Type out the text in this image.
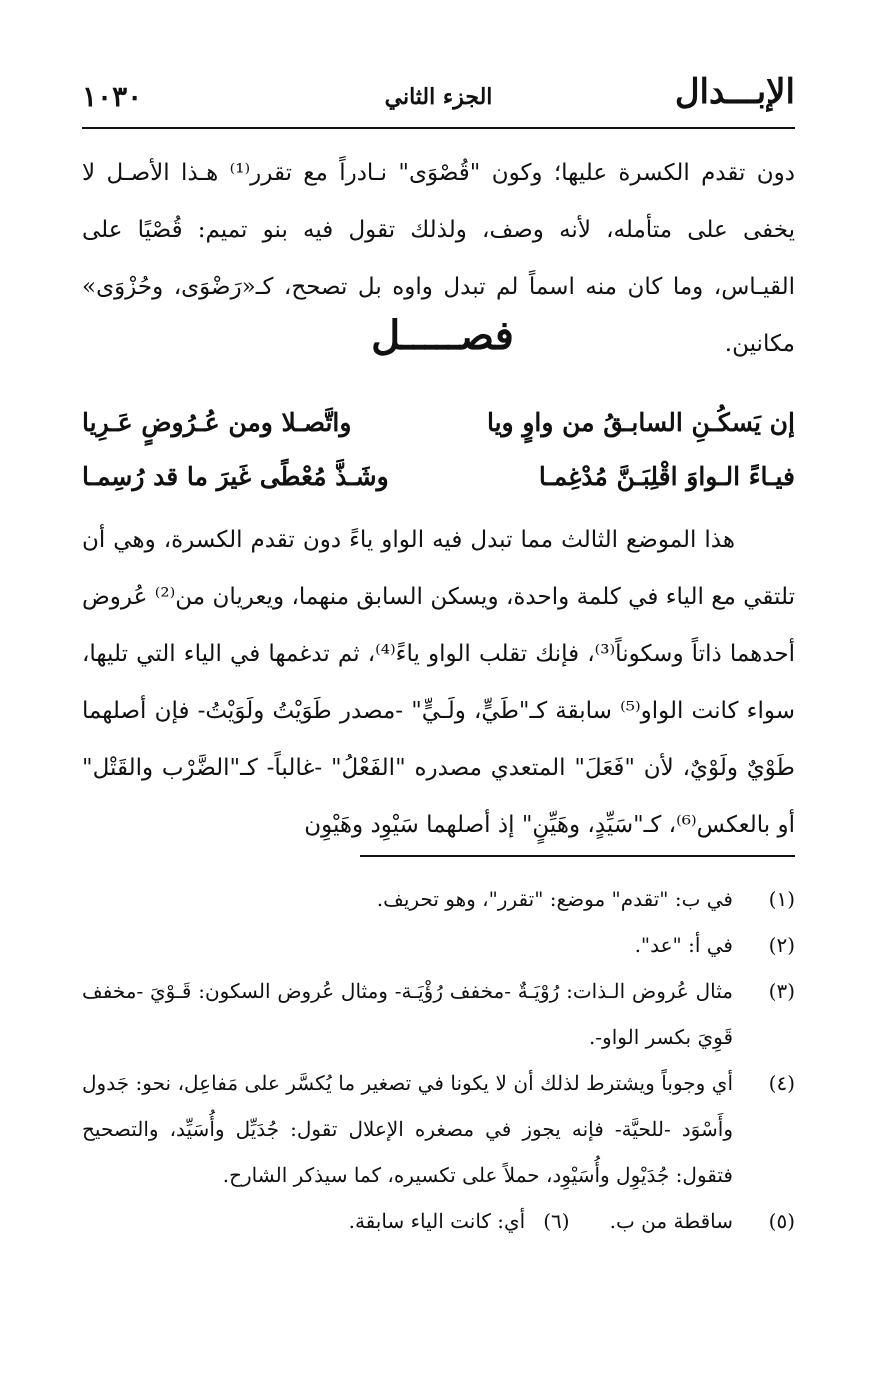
الإبـــدال
الجزء الثاني
١٠٣٠

دون تقدم الكسرة عليها؛ وكون "قُصْوَى" نـادراً مع تقرر⁽¹⁾ هـذا الأصـل لا يخفى على متأمله، لأنه وصف، ولذلك تقول فيه بنو تميم: قُصْيًا على القيـاس، وما كان منه اسماً لم تبدل واوه بل تصحح، كـ«رَضْوَى، وحُزْوَى» مكانين.

فصـــــل
إن يَسكُـنِ السابـقُ من واوٍ ويا
واتَّصـلا ومن عُـرُوضٍ عَـرِيا
فيـاءً الـواوَ اقْلِبَـنَّ مُدْغِمـا
وشَـذَّ مُعْطًى غَيرَ ما قد رُسِمـا

هذا الموضع الثالث مما تبدل فيه الواو ياءً دون تقدم الكسرة، وهي أن تلتقي مع الياء في كلمة واحدة، ويسكن السابق منهما، ويعريان من⁽²⁾ عُروض أحدهما ذاتاً وسكوناً⁽³⁾، فإنك تقلب الواو ياءً⁽⁴⁾، ثم تدغمها في الياء التي تليها، سواء كانت الواو⁽⁵⁾ سابقة كـ"طَيٍّ، ولَـيٍّ" -مصدر طَوَيْتُ ولَوَيْتُ- فإن أصلهما طَوْيٌ ولَوْيٌ، لأن "فَعَلَ" المتعدي مصدره "الفَعْلُ" -غالباً- كـ"الضَّرْب والقَتْل" أو بالعكس⁽⁶⁾، كـ"سَيِّدٍ، وهَيِّنٍ" إذ أصلهما سَيْوِد وهَيْوِن

(١)
في ب: "تقدم" موضع: "تقرر"، وهو تحريف.
(٢)
في أ: "عد".
(٣)
مثال عُروض الـذات: رُوْيَـةٌ -مخفف رُؤْيَـة- ومثال عُروض السكون: قَـوْيَ -مخفف قَوِيَ بكسر الواو-.
(٤)
أي وجوباً ويشترط لذلك أن لا يكونا في تصغير ما يُكسَّر على مَفاعِل، نحو: جَدول وأَسْوَد -للحيَّة- فإنه يجوز في مصغره الإعلال تقول: جُدَيِّل وأُسَيِّد، والتصحيح فتقول: جُدَيْوِل وأُسَيْوِد، حملاً على تكسيره، كما سيذكر الشارح.
(٥)
ساقطة من ب.
(٦)
أي: كانت الياء سابقة.
